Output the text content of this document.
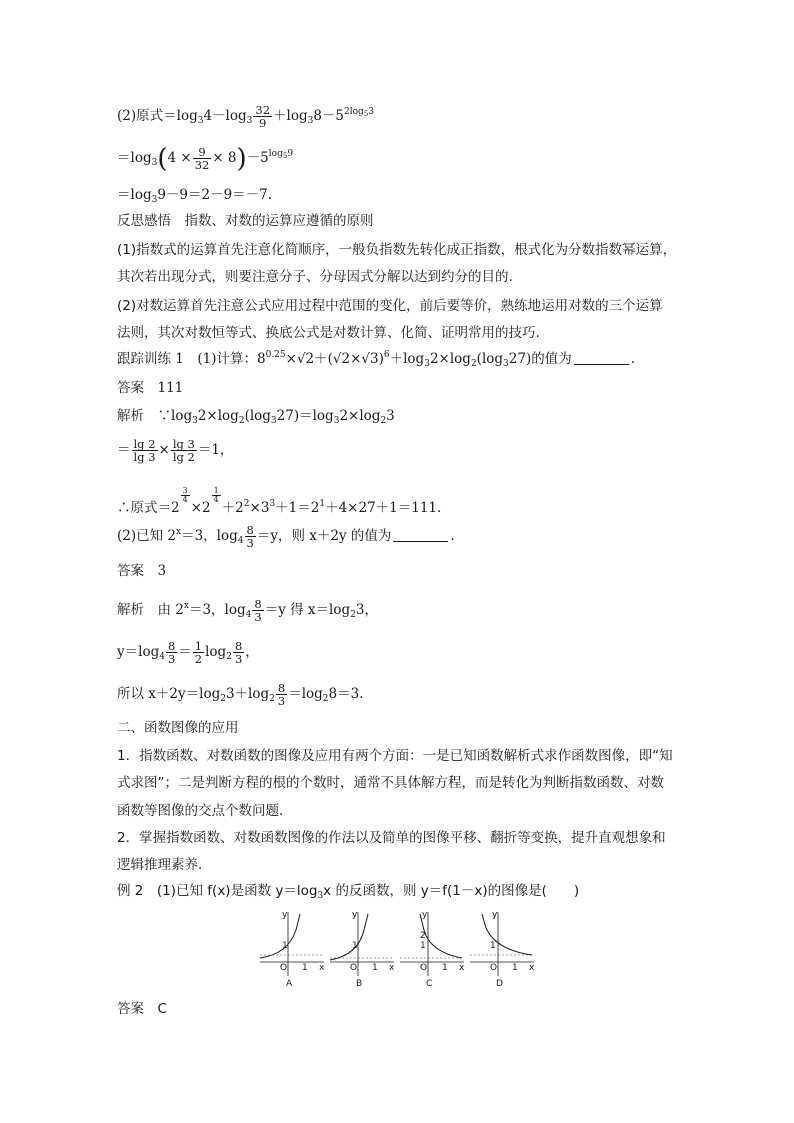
(2)原式$=\log_34-\log_3 \frac{32}{9} +\log_38-5^{2log_53}$
$=\log_3(4 \times \frac{9}{32} \times 8)-5^{log_59}$
$=\log_39-9=2-9=-7$.
反思感悟　指数、对数的运算应遵循的原则
(1)指数式的运算首先注意化简顺序，一般负指数先转化成正指数，根式化为分数指数幂运算，
其次若出现分式，则要注意分子、分母因式分解以达到约分的目的.
(2)对数运算首先注意公式应用过程中范围的变化，前后要等价，熟练地运用对数的三个运算
法则，其次对数恒等式、换底公式是对数计算、化简、证明常用的技巧.
跟踪训练 1　(1)计算：$8^{0.25}\times√2+(√2\times√3)^6+\log_32\times\log_2(\log_327)$的值为	.
答案　111
解析　$\because\log_32\times\log_2(\log_327)=\log_32\times\log_23$
＝ $\frac{\lg 2}{\lg 3} \times \frac{\lg 3}{\lg 2} =1$，
∴原式＝2
$^{\frac{3}{4}}$
×2
$^{\frac{1}{4}}$
$+2^2\times 3^3+1=2^1+4\times 27+1=111$.
(2)已知 $2^x=3$，$\log_4 \frac{8}{3} =y$，则 x＋2y 的值为	.
答案　3
解析　由 $2^x=3$，$\log_4 \frac{8}{3} =y$ 得 $x=\log_23$，
$y=\log_4 \frac{8}{3} = \frac{1}{2} \log_2 \frac{8}{3}$ ，
所以 $x+2y=\log_23+\log_2 \frac{8}{3} =\log_28=3$.
二、函数图像的应用
1．指数函数、对数函数的图像及应用有两个方面：一是已知函数解析式求作函数图像，即“知
式求图”；二是判断方程的根的个数时，通常不具体解方程，而是转化为判断指数函数、对数
函数等图像的交点个数问题．
2．掌握指数函数、对数函数图像的作法以及简单的图像平移、翻折等变换，提升直观想象和
逻辑推理素养．
例 2　(1)已知 f(x)是函数 $y=\log_3x$ 的反函数，则 y＝f(1－x)的图像是(　　)
y
x
O
1
1
A
y
x
O
1
1
B
y
x
O
2
1
1
C
y
x
O
1
1
D
答案　C
